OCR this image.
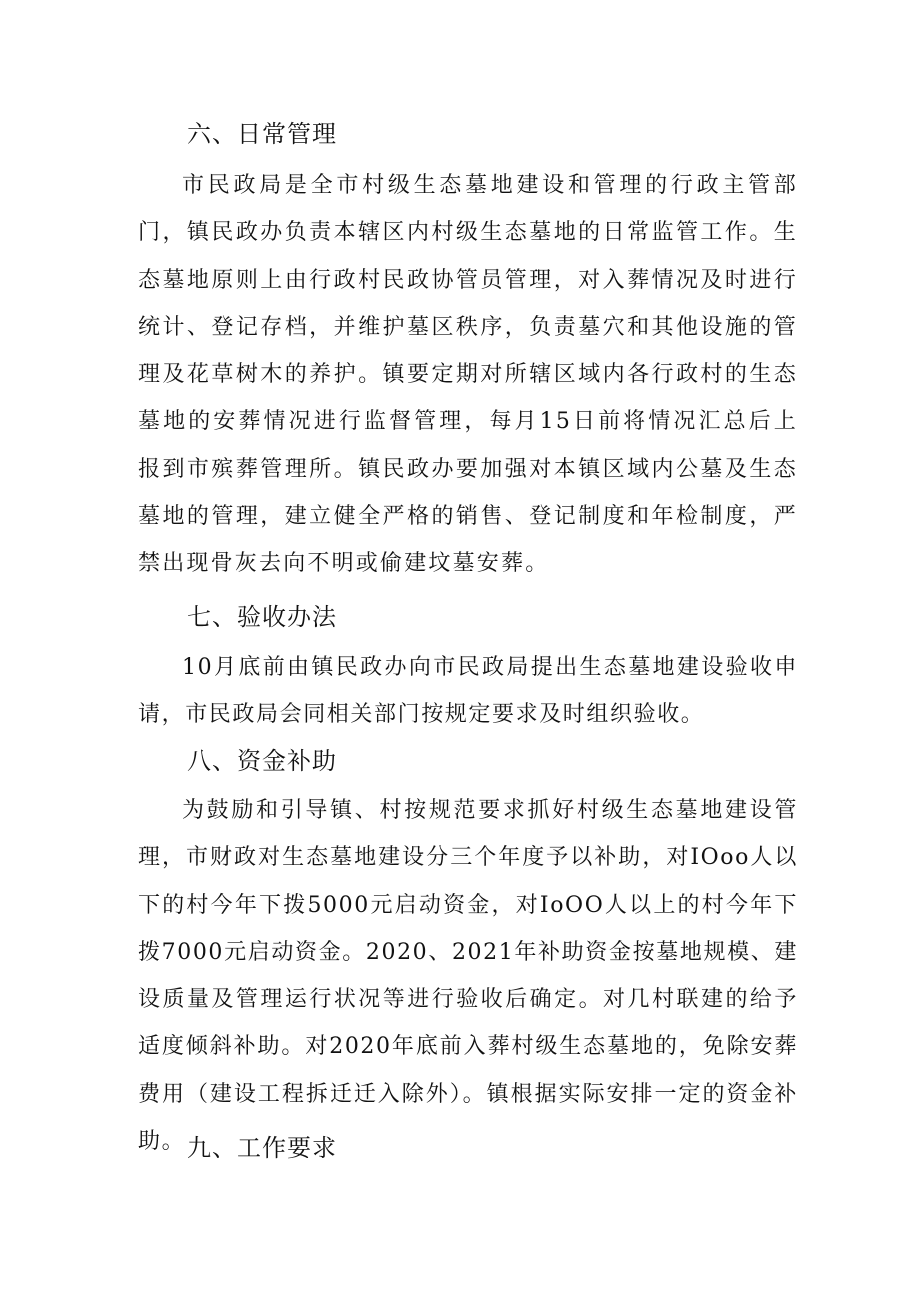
六、日常管理

市民政局是全市村级生态墓地建设和管理的行政主管部门，镇民政办负责本辖区内村级生态墓地的日常监管工作。生态墓地原则上由行政村民政协管员管理，对入葬情况及时进行统计、登记存档，并维护墓区秩序，负责墓穴和其他设施的管理及花草树木的养护。镇要定期对所辖区域内各行政村的生态墓地的安葬情况进行监督管理，每月15日前将情况汇总后上报到市殡葬管理所。镇民政办要加强对本镇区域内公墓及生态墓地的管理，建立健全严格的销售、登记制度和年检制度，严禁出现骨灰去向不明或偷建坟墓安葬。

七、验收办法

10月底前由镇民政办向市民政局提出生态墓地建设验收申请，市民政局会同相关部门按规定要求及时组织验收。

八、资金补助

为鼓励和引导镇、村按规范要求抓好村级生态墓地建设管理，市财政对生态墓地建设分三个年度予以补助，对IOoo人以下的村今年下拨5000元启动资金，对IoOO人以上的村今年下拨7000元启动资金。2020、2021年补助资金按墓地规模、建设质量及管理运行状况等进行验收后确定。对几村联建的给予适度倾斜补助。对2020年底前入葬村级生态墓地的，免除安葬费用（建设工程拆迁迁入除外）。镇根据实际安排一定的资金补助。 九、工作要求
